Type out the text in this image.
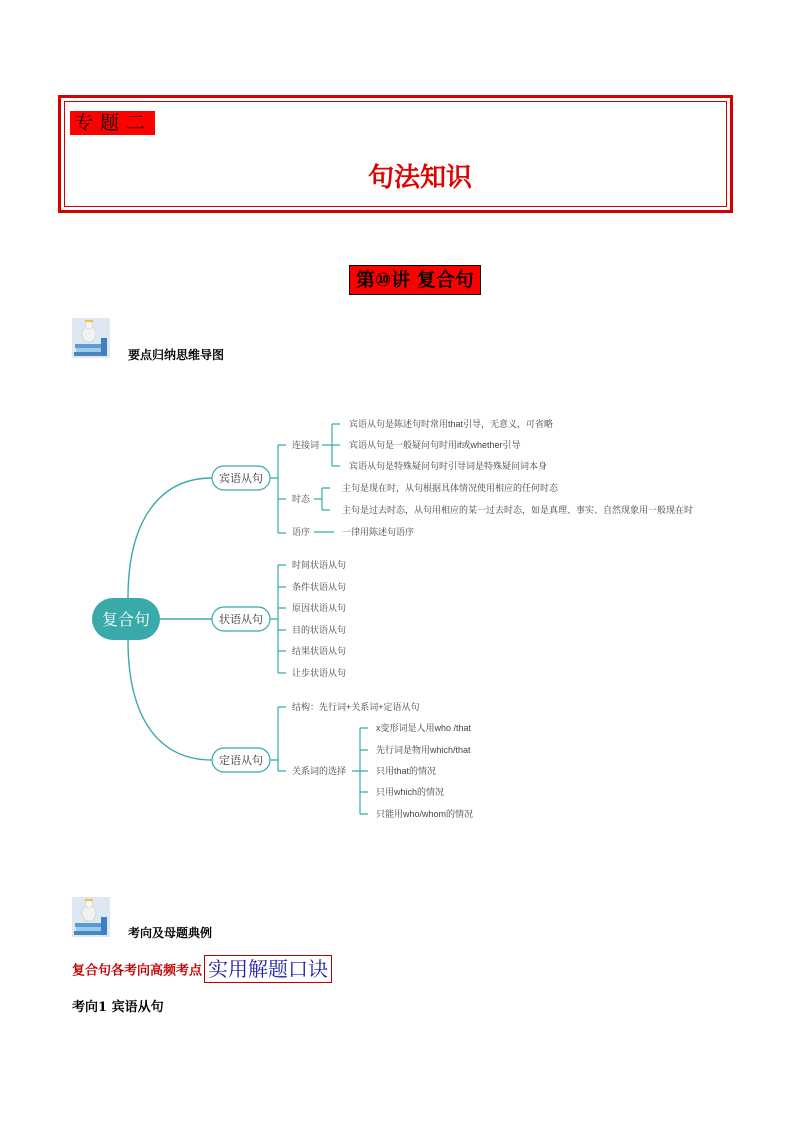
专题二
句法知识
第⑩讲 复合句
要点归纳思维导图
复合句
宾语从句
状语从句
定语从句
连接词
宾语从句是陈述句时常用that引导，无意义，可省略
宾语从句是一般疑问句时用if或whether引导
宾语从句是特殊疑问句时引导词是特殊疑问词本身
时态
主句是现在时，从句根据具体情况使用相应的任何时态
主句是过去时态，从句用相应的某一过去时态，如是真理、事实、自然现象用一般现在时
语序	一律用陈述句语序
时间状语从句
条件状语从句
原因状语从句
目的状语从句
结果状语从句
让步状语从句
结构：先行词+关系词+定语从句
关系词的选择
x变形词是人用who /that
先行词是物用which/that
只用that的情况
只用which的情况
只能用who/whom的情况
考向及母题典例
复合句各考向高频考点 实用解题口诀
考向1 宾语从句
